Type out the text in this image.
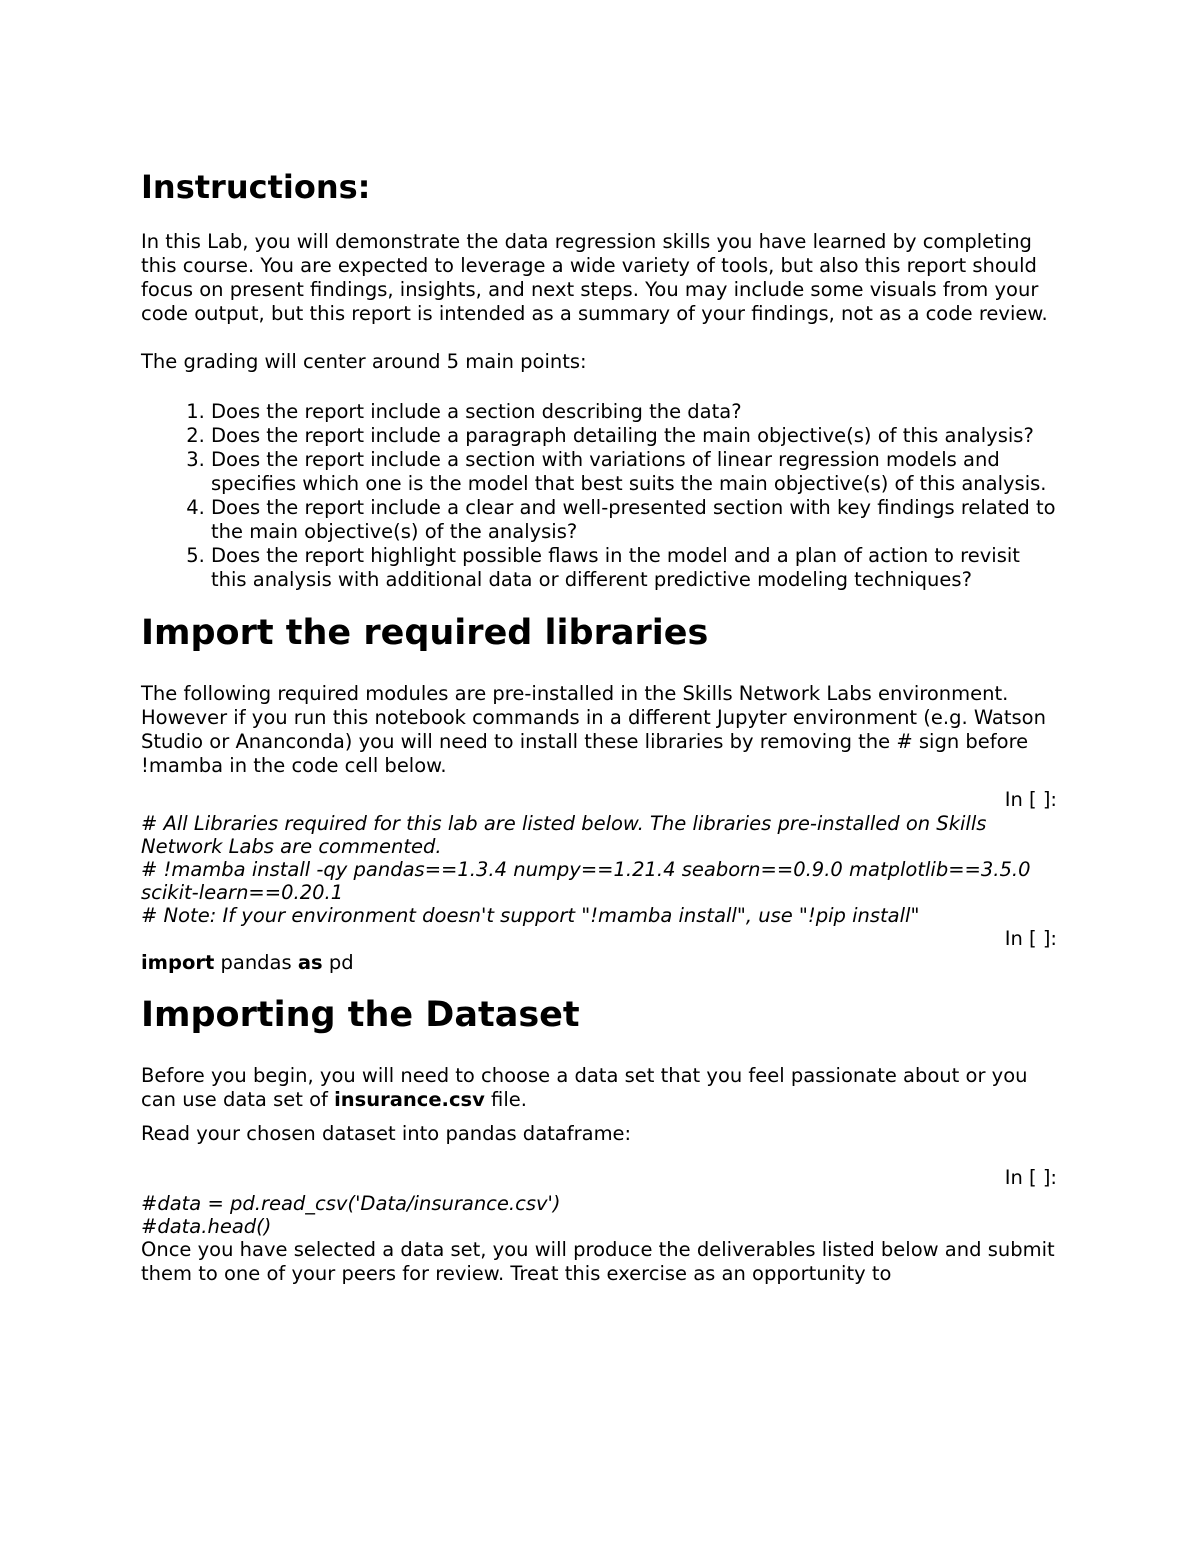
Instructions:

In this Lab, you will demonstrate the data regression skills you have learned by completing this course. You are expected to leverage a wide variety of tools, but also this report should focus on present findings, insights, and next steps. You may include some visuals from your code output, but this report is intended as a summary of your findings, not as a code review.

The grading will center around 5 main points:

1. Does the report include a section describing the data?
2. Does the report include a paragraph detailing the main objective(s) of this analysis?
3. Does the report include a section with variations of linear regression models and specifies which one is the model that best suits the main objective(s) of this analysis.
4. Does the report include a clear and well-presented section with key findings related to the main objective(s) of the analysis?
5. Does the report highlight possible flaws in the model and a plan of action to revisit this analysis with additional data or different predictive modeling techniques?
Import the required libraries

The following required modules are pre-installed in the Skills Network Labs environment. However if you run this notebook commands in a different Jupyter environment (e.g. Watson Studio or Ananconda) you will need to install these libraries by removing the # sign before !mamba in the code cell below.

In [ ]:
# All Libraries required for this lab are listed below. The libraries pre-installed on Skills Network Labs are commented.
# !mamba install -qy pandas==1.3.4 numpy==1.21.4 seaborn==0.9.0 matplotlib==3.5.0 scikit-learn==0.20.1
# Note: If your environment doesn't support "!mamba install", use "!pip install"
In [ ]:
import pandas as pd
Importing the Dataset

Before you begin, you will need to choose a data set that you feel passionate about or you can use data set of insurance.csv file.

Read your chosen dataset into pandas dataframe:

In [ ]:
#data = pd.read_csv('Data/insurance.csv')
#data.head()

Once you have selected a data set, you will produce the deliverables listed below and submit them to one of your peers for review. Treat this exercise as an opportunity to
